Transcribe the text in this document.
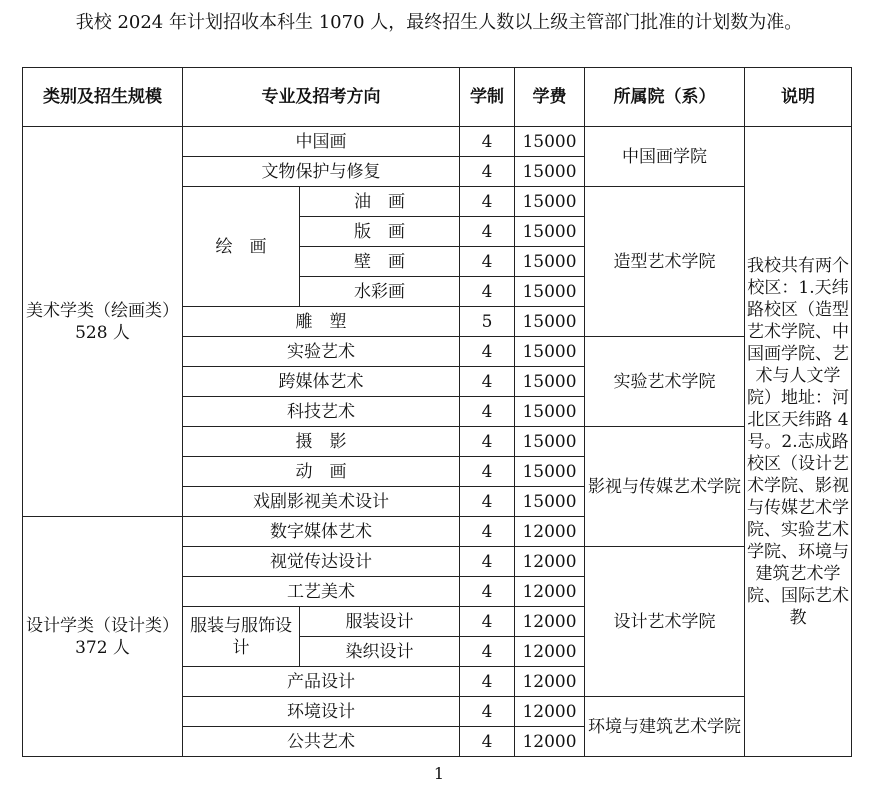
我校 2024 年计划招收本科生 1070 人，最终招生人数以上级主管部门批准的计划数为准。
类别及招生规模	专业及招考方向		学制	学费	所属院（系）	说明
美术学类（绘画类）528 人	中国画		4	15000	中国画学院	我校共有两个校区：1.天纬路校区（造型艺术学院、中国画学院、艺术与人文学院）地址：河北区天纬路 4 号。2.志成路校区（设计艺术学院、影视与传媒艺术学院、实验艺术学院、环境与建筑艺术学院、国际艺术教
	文物保护与修复		4	15000		
	绘　画	油　画	4	15000	造型艺术学院	
		版　画	4	15000		
		壁　画	4	15000		
		水彩画	4	15000		
	雕　塑		5	15000		
	实验艺术		4	15000	实验艺术学院	
	跨媒体艺术		4	15000		
	科技艺术		4	15000		
	摄　影		4	15000	影视与传媒艺术学院	
	动　画		4	15000		
	戏剧影视美术设计		4	15000		
设计学类（设计类）372 人	数字媒体艺术		4	12000		
	视觉传达设计		4	12000	设计艺术学院	
	工艺美术		4	12000		
	服装与服饰设计	服装设计	4	12000		
		染织设计	4	12000		
	产品设计		4	12000		
	环境设计		4	12000	环境与建筑艺术学院	
	公共艺术		4	12000		
1
